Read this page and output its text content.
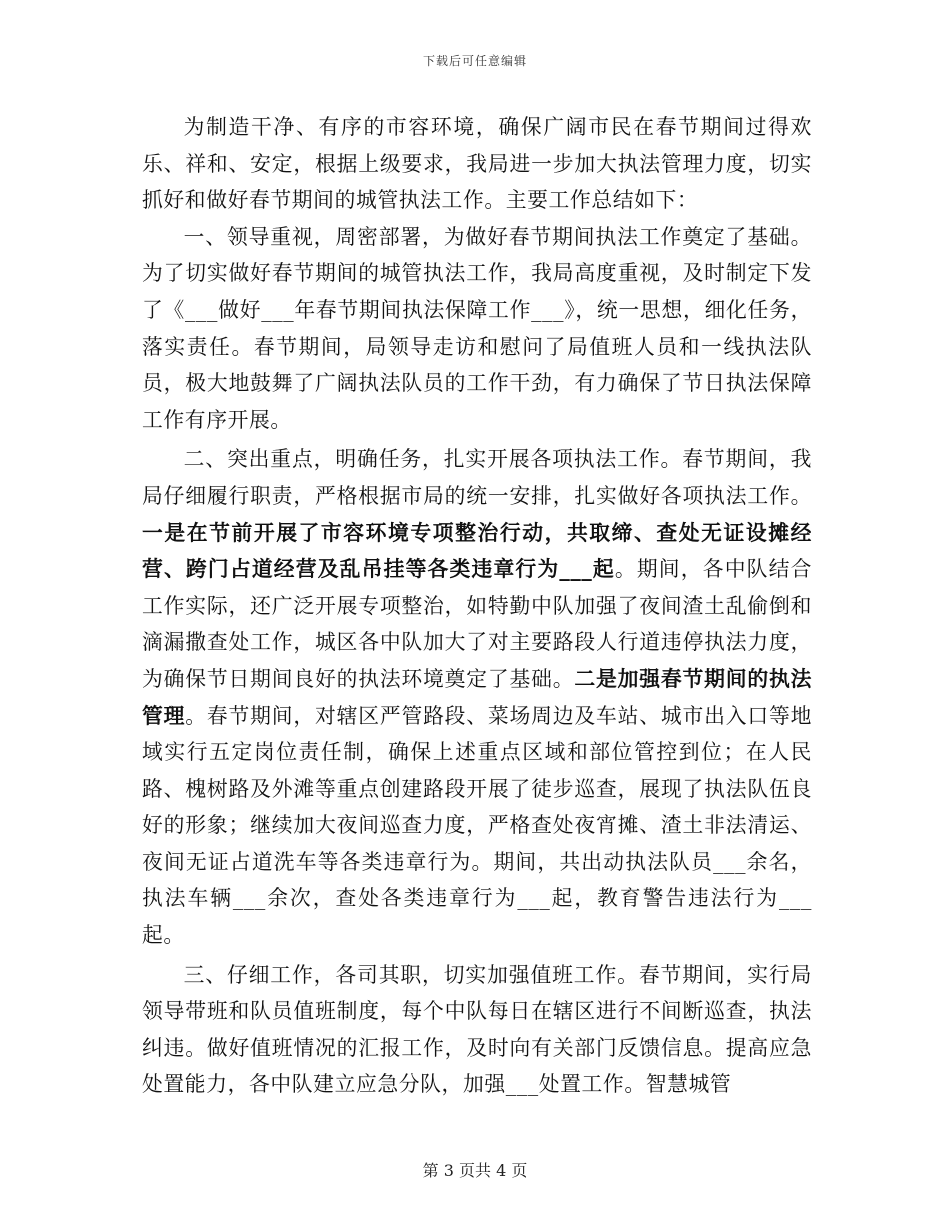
下载后可任意编辑

为制造干净、有序的市容环境，确保广阔市民在春节期间过得欢乐、祥和、安定，根据上级要求，我局进一步加大执法管理力度，切实抓好和做好春节期间的城管执法工作。主要工作总结如下：

一、领导重视，周密部署，为做好春节期间执法工作奠定了基础。为了切实做好春节期间的城管执法工作，我局高度重视，及时制定下发了《___做好___年春节期间执法保障工作___》，统一思想，细化任务，落实责任。春节期间，局领导走访和慰问了局值班人员和一线执法队员，极大地鼓舞了广阔执法队员的工作干劲，有力确保了节日执法保障工作有序开展。

二、突出重点，明确任务，扎实开展各项执法工作。春节期间，我局仔细履行职责，严格根据市局的统一安排，扎实做好各项执法工作。一是在节前开展了市容环境专项整治行动，共取缔、查处无证设摊经营、跨门占道经营及乱吊挂等各类违章行为___起。期间，各中队结合工作实际，还广泛开展专项整治，如特勤中队加强了夜间渣土乱偷倒和滴漏撒查处工作，城区各中队加大了对主要路段人行道违停执法力度，为确保节日期间良好的执法环境奠定了基础。二是加强春节期间的执法管理。春节期间，对辖区严管路段、菜场周边及车站、城市出入口等地域实行五定岗位责任制，确保上述重点区域和部位管控到位；在人民路、槐树路及外滩等重点创建路段开展了徒步巡查，展现了执法队伍良好的形象；继续加大夜间巡查力度，严格查处夜宵摊、渣土非法清运、夜间无证占道洗车等各类违章行为。期间，共出动执法队员___余名，执法车辆___余次，查处各类违章行为___起，教育警告违法行为___起。

三、仔细工作，各司其职，切实加强值班工作。春节期间，实行局领导带班和队员值班制度，每个中队每日在辖区进行不间断巡查，执法纠违。做好值班情况的汇报工作，及时向有关部门反馈信息。提高应急处置能力，各中队建立应急分队，加强___处置工作。智慧城管

第 3 页共 4 页
